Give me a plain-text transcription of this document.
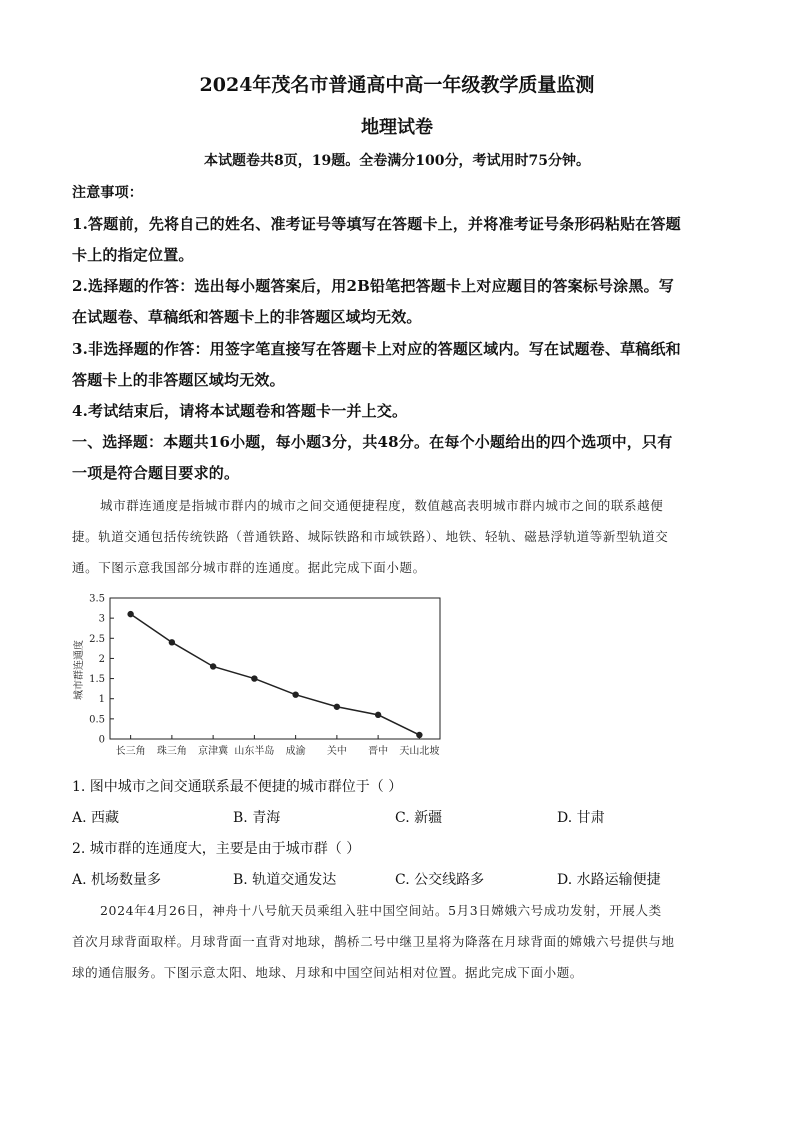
2024年茂名市普通高中高一年级教学质量监测
地理试卷
本试题卷共8页，19题。全卷满分100分，考试用时75分钟。
注意事项：
1.答题前，先将自己的姓名、准考证号等填写在答题卡上，并将准考证号条形码粘贴在答题
卡上的指定位置。
2.选择题的作答：选出每小题答案后，用2B铅笔把答题卡上对应题目的答案标号涂黑。写
在试题卷、草稿纸和答题卡上的非答题区域均无效。
3.非选择题的作答：用签字笔直接写在答题卡上对应的答题区域内。写在试题卷、草稿纸和
答题卡上的非答题区域均无效。
4.考试结束后，请将本试题卷和答题卡一并上交。
一、选择题：本题共16小题，每小题3分，共48分。在每个小题给出的四个选项中，只有
一项是符合题目要求的。
城市群连通度是指城市群内的城市之间交通便捷程度，数值越高表明城市群内城市之间的联系越便
捷。轨道交通包括传统铁路（普通铁路、城际铁路和市域铁路）、地铁、轻轨、磁悬浮轨道等新型轨道交
通。下图示意我国部分城市群的连通度。据此完成下面小题。
城市群连通度
0
0.5
1
1.5
2
2.5
3
3.5
长三角 珠三角 京津冀 山东半岛 成渝 关中 晋中 天山北坡
1. 图中城市之间交通联系最不便捷的城市群位于（ ）
A. 西藏	B. 青海	C. 新疆	D. 甘肃
2. 城市群的连通度大，主要是由于城市群（ ）
A. 机场数量多	B. 轨道交通发达	C. 公交线路多	D. 水路运输便捷
2024年4月26日，神舟十八号航天员乘组入驻中国空间站。5月3日嫦娥六号成功发射，开展人类
首次月球背面取样。月球背面一直背对地球，鹊桥二号中继卫星将为降落在月球背面的嫦娥六号提供与地
球的通信服务。下图示意太阳、地球、月球和中国空间站相对位置。据此完成下面小题。
